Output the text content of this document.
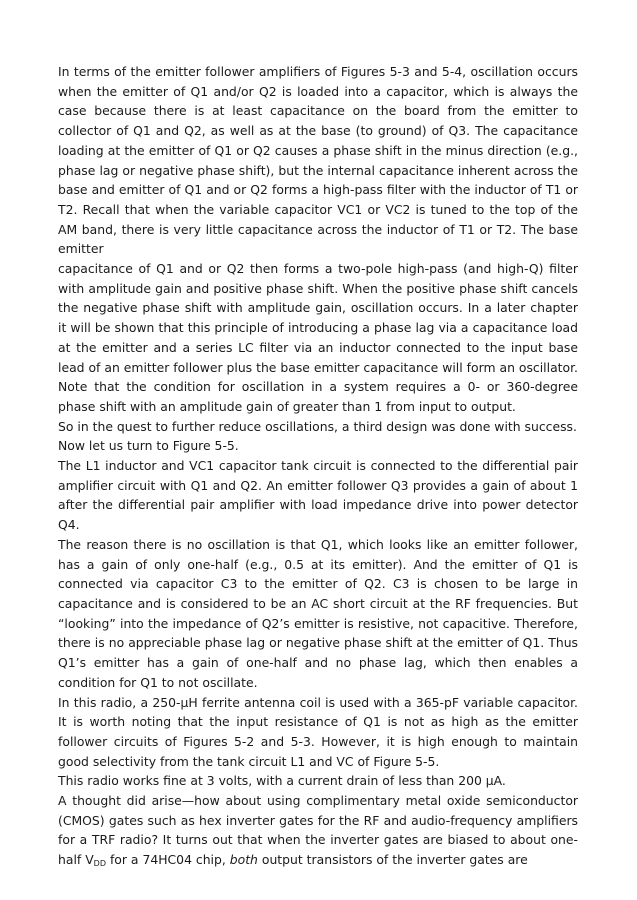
In terms of the emitter follower amplifiers of Figures 5-3 and 5-4, oscillation occurs when the emitter of Q1 and/or Q2 is loaded into a capacitor, which is always the case because there is at least capacitance on the board from the emitter to collector of Q1 and Q2, as well as at the base (to ground) of Q3. The capacitance loading at the emitter of Q1 or Q2 causes a phase shift in the minus direction (e.g., phase lag or negative phase shift), but the internal capacitance inherent across the base and emitter of Q1 and or Q2 forms a high-pass filter with the inductor of T1 or T2. Recall that when the variable capacitor VC1 or VC2 is tuned to the top of the AM band, there is very little capacitance across the inductor of T1 or T2. The base emitter

capacitance of Q1 and or Q2 then forms a two-pole high-pass (and high-Q) filter with amplitude gain and positive phase shift. When the positive phase shift cancels the negative phase shift with amplitude gain, oscillation occurs. In a later chapter it will be shown that this principle of introducing a phase lag via a capacitance load at the emitter and a series LC filter via an inductor connected to the input base lead of an emitter follower plus the base emitter capacitance will form an oscillator. Note that the condition for oscillation in a system requires a 0- or 360-degree phase shift with an amplitude gain of greater than 1 from input to output.

So in the quest to further reduce oscillations, a third design was done with success. Now let us turn to Figure 5-5.

The L1 inductor and VC1 capacitor tank circuit is connected to the differential pair amplifier circuit with Q1 and Q2. An emitter follower Q3 provides a gain of about 1 after the differential pair amplifier with load impedance drive into power detector Q4.

The reason there is no oscillation is that Q1, which looks like an emitter follower, has a gain of only one-half (e.g., 0.5 at its emitter). And the emitter of Q1 is connected via capacitor C3 to the emitter of Q2. C3 is chosen to be large in capacitance and is considered to be an AC short circuit at the RF frequencies. But “looking” into the impedance of Q2’s emitter is resistive, not capacitive. Therefore, there is no appreciable phase lag or negative phase shift at the emitter of Q1. Thus Q1’s emitter has a gain of one-half and no phase lag, which then enables a condition for Q1 to not oscillate.

In this radio, a 250-µH ferrite antenna coil is used with a 365-pF variable capacitor. It is worth noting that the input resistance of Q1 is not as high as the emitter follower circuits of Figures 5-2 and 5-3. However, it is high enough to maintain good selectivity from the tank circuit L1 and VC of Figure 5-5.

This radio works fine at 3 volts, with a current drain of less than 200 µA.

A thought did arise—how about using complimentary metal oxide semiconductor (CMOS) gates such as hex inverter gates for the RF and audio-frequency amplifiers for a TRF radio? It turns out that when the inverter gates are biased to about one-half $V_{DD}$ for a 74HC04 chip, both output transistors of the inverter gates are
